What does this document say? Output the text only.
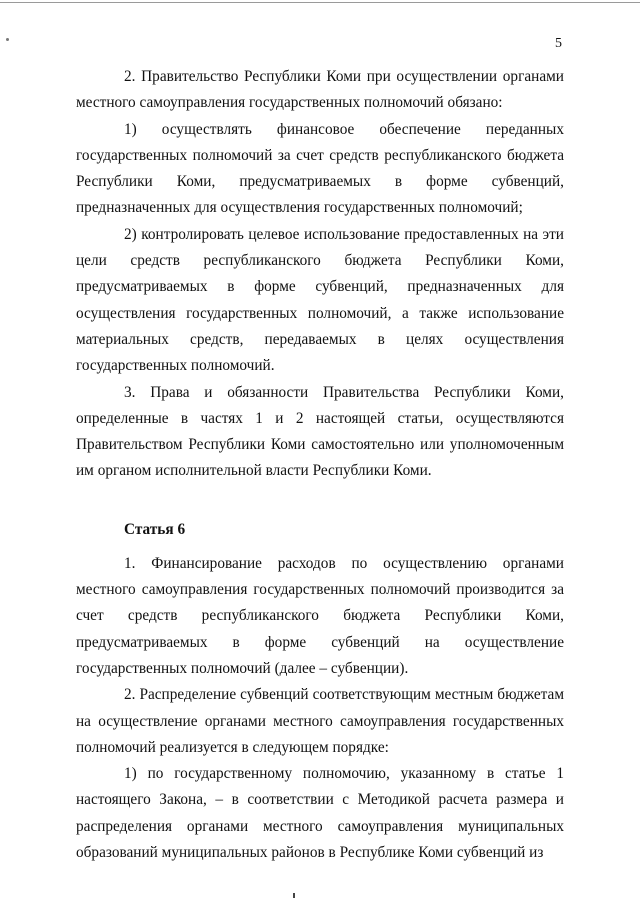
5

2. Правительство Республики Коми при осуществлении органами местного самоуправления государственных полномочий обязано:

1) осуществлять финансовое обеспечение переданных государственных полномочий за счет средств республиканского бюджета Республики Коми, предусматриваемых в форме субвенций, предназначенных для осуществления государственных полномочий;

2) контролировать целевое использование предоставленных на эти цели средств республиканского бюджета Республики Коми, предусматриваемых в форме субвенций, предназначенных для осуществления государственных полномочий, а также использование материальных средств, передаваемых в целях осуществления государственных полномочий.

3. Права и обязанности Правительства Республики Коми, определенные в частях 1 и 2 настоящей статьи, осуществляются Правительством Республики Коми самостоятельно или уполномоченным им органом исполнительной власти Республики Коми.

Статья 6

1. Финансирование расходов по осуществлению органами местного самоуправления государственных полномочий производится за счет средств республиканского бюджета Республики Коми, предусматриваемых в форме субвенций на осуществление государственных полномочий (далее – субвенции).

2. Распределение субвенций соответствующим местным бюджетам на осуществление органами местного самоуправления государственных полномочий реализуется в следующем порядке:

1) по государственному полномочию, указанному в статье 1 настоящего Закона, – в соответствии с Методикой расчета размера и распределения органами местного самоуправления муниципальных образований муниципальных районов в Республике Коми субвенций из
